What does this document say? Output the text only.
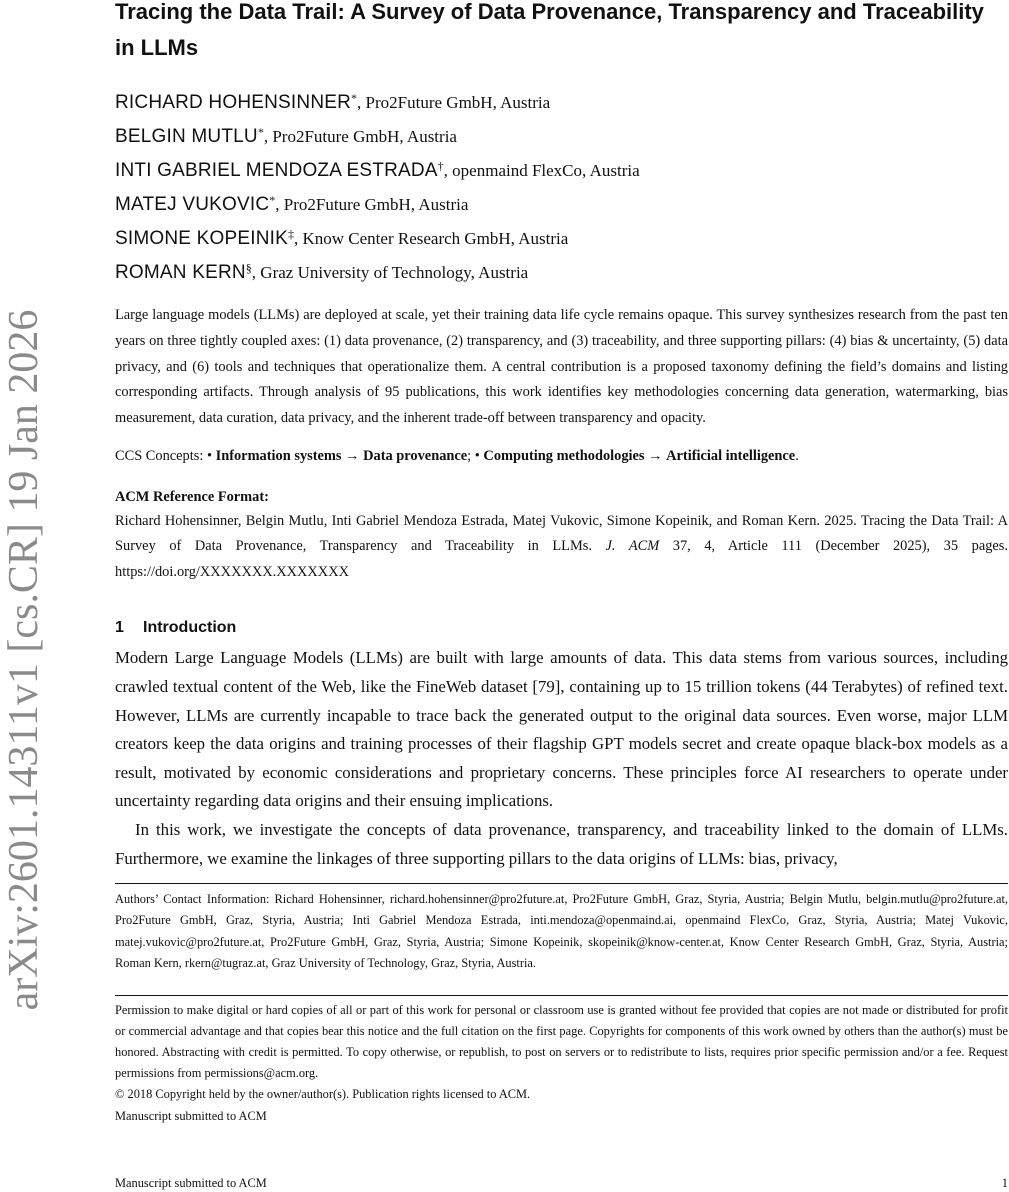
arXiv:2601.14311v1 [cs.CR] 19 Jan 2026
Tracing the Data Trail: A Survey of Data Provenance, Transparency and Traceability in LLMs
RICHARD HOHENSINNER*, Pro2Future GmbH, Austria
BELGIN MUTLU*, Pro2Future GmbH, Austria
INTI GABRIEL MENDOZA ESTRADA†, openmaind FlexCo, Austria
MATEJ VUKOVIC*, Pro2Future GmbH, Austria
SIMONE KOPEINIK‡, Know Center Research GmbH, Austria
ROMAN KERN§, Graz University of Technology, Austria
Large language models (LLMs) are deployed at scale, yet their training data life cycle remains opaque. This survey synthesizes research from the past ten years on three tightly coupled axes: (1) data provenance, (2) transparency, and (3) traceability, and three supporting pillars: (4) bias & uncertainty, (5) data privacy, and (6) tools and techniques that operationalize them. A central contribution is a proposed taxonomy defining the field’s domains and listing corresponding artifacts. Through analysis of 95 publications, this work identifies key methodologies concerning data generation, watermarking, bias measurement, data curation, data privacy, and the inherent trade-off between transparency and opacity.
CCS Concepts: • Information systems → Data provenance; • Computing methodologies → Artificial intelligence.
ACM Reference Format:
Richard Hohensinner, Belgin Mutlu, Inti Gabriel Mendoza Estrada, Matej Vukovic, Simone Kopeinik, and Roman Kern. 2025. Tracing the Data Trail: A Survey of Data Provenance, Transparency and Traceability in LLMs. J. ACM 37, 4, Article 111 (December 2025), 35 pages. https://doi.org/XXXXXXX.XXXXXXX
1 Introduction

Modern Large Language Models (LLMs) are built with large amounts of data. This data stems from various sources, including crawled textual content of the Web, like the FineWeb dataset [79], containing up to 15 trillion tokens (44 Terabytes) of refined text. However, LLMs are currently incapable to trace back the generated output to the original data sources. Even worse, major LLM creators keep the data origins and training processes of their flagship GPT models secret and create opaque black-box models as a result, motivated by economic considerations and proprietary concerns. These principles force AI researchers to operate under uncertainty regarding data origins and their ensuing implications.

In this work, we investigate the concepts of data provenance, transparency, and traceability linked to the domain of LLMs. Furthermore, we examine the linkages of three supporting pillars to the data origins of LLMs: bias, privacy,

Authors’ Contact Information: Richard Hohensinner, richard.hohensinner@pro2future.at, Pro2Future GmbH, Graz, Styria, Austria; Belgin Mutlu, belgin.mutlu@pro2future.at, Pro2Future GmbH, Graz, Styria, Austria; Inti Gabriel Mendoza Estrada, inti.mendoza@openmaind.ai, openmaind FlexCo, Graz, Styria, Austria; Matej Vukovic, matej.vukovic@pro2future.at, Pro2Future GmbH, Graz, Styria, Austria; Simone Kopeinik, skopeinik@know-center.at, Know Center Research GmbH, Graz, Styria, Austria; Roman Kern, rkern@tugraz.at, Graz University of Technology, Graz, Styria, Austria.
Permission to make digital or hard copies of all or part of this work for personal or classroom use is granted without fee provided that copies are not made or distributed for profit or commercial advantage and that copies bear this notice and the full citation on the first page. Copyrights for components of this work owned by others than the author(s) must be honored. Abstracting with credit is permitted. To copy otherwise, or republish, to post on servers or to redistribute to lists, requires prior specific permission and/or a fee. Request permissions from permissions@acm.org.
© 2018 Copyright held by the owner/author(s). Publication rights licensed to ACM.
Manuscript submitted to ACM
Manuscript submitted to ACM	1
